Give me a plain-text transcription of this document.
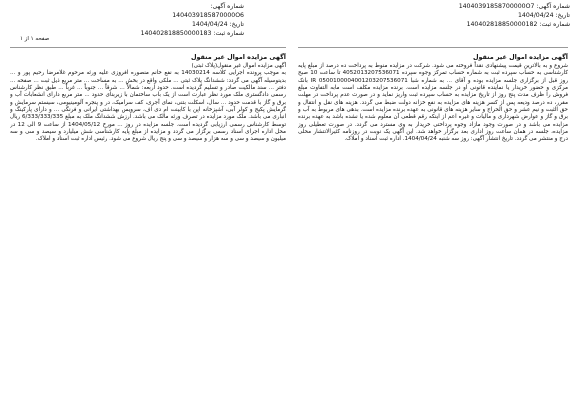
شماره آگهی: 1404039185870000O6
تاریخ: 1404/04/24
شماره ثبت: 140402818850000183
شماره آگهی: 14040391858700000O7
تاریخ: 1404/04/24
شماره ثبت: 140402818850000182
صفحه ۱ از ۱
آگهی مزایده اموال غیر منقول
شروع و به بالاترین قیمت پیشنهادی نقداً فروخته می شود. شرکت در مزایده منوط به پرداخت ده درصد از مبلغ پایه کارشناسی به حساب سپرده ثبت به شماره حساب تمرکز وجوه سپرده 4052013207536071 تا ساعت 10 صبح روز قبل از برگزاری جلسه مزایده بوده و آقای ... به شماره شبا IR 0500100004001203207536071 بانک مرکزی و حضور خریدار یا نماینده قانونی او در جلسه مزایده است. برنده مزایده مکلف است مابه التفاوت مبلغ فروش را ظرف مدت پنج روز از تاریخ مزایده به حساب سپرده ثبت واریز نماید و در صورت عدم پرداخت در مهلت مقرر، ده درصد ودیعه پس از کسر هزینه های مزایده به نفع خزانه دولت ضبط می گردد. هزینه های نقل و انتقال و حق الثبت و نیم عشر و حق الحراج و سایر هزینه های قانونی به عهده برنده مزایده است. بدهی های مربوط به آب و برق و گاز و عوارض شهرداری و مالیات و غیره اعم از اینکه رقم قطعی آن معلوم شده یا نشده باشد به عهده برنده مزایده می باشد و در صورت وجود مازاد وجوه پرداختی خریدار به وی مسترد می گردد. در صورت تعطیلی روز مزایده، جلسه در همان ساعت روز اداری بعد برگزار خواهد شد. این آگهی یک نوبت در روزنامه کثیرالانتشار محلی درج و منتشر می گردد. تاریخ انتشار آگهی: روز سه شنبه 1404/04/24. اداره ثبت اسناد و املاک.
آگهی مزایده اموال غیر منقول
آگهی مزایده اموال غیر منقول(پلاک ثبتی)
به موجب پرونده اجرایی کلاسه 14030214 به نفع خانم منصوره افروزی علیه ورثه مرحوم غلامرضا رحیم پور و ... بدینوسیله آگهی می گردد: ششدانگ پلاک ثبتی ... ملکی واقع در بخش ... به مساحت ... متر مربع ذیل ثبت ... صفحه ... دفتر ... سند مالکیت صادر و تسلیم گردیده است. حدود اربعه: شمالاً ... شرقاً ... جنوباً ... غرباً ... طبق نظر کارشناس رسمی دادگستری ملک مورد نظر عبارت است از یک باب ساختمان با زیربنای حدود ... متر مربع دارای انشعابات آب و برق و گاز با قدمت حدود ... سال، اسکلت بتنی، نمای آجری، کف سرامیک، در و پنجره آلومینیومی، سیستم سرمایش و گرمایش پکیج و کولر آبی، آشپزخانه اپن با کابینت ام دی اف، سرویس بهداشتی ایرانی و فرنگی ... و دارای پارکینگ و انباری می باشد. ملک مورد مزایده در تصرف ورثه مالک می باشد. ارزش ششدانگ ملک به مبلغ 6/333/333/335 ریال توسط کارشناس رسمی ارزیابی گردیده است. جلسه مزایده در روز ... مورخ 1404/05/12 از ساعت 9 الی 12 در محل اداره اجرای اسناد رسمی برگزار می گردد و مزایده از مبلغ پایه کارشناسی شش میلیارد و سیصد و سی و سه میلیون و سیصد و سی و سه هزار و سیصد و سی و پنج ریال شروع می شود. رئیس اداره ثبت اسناد و املاک.
